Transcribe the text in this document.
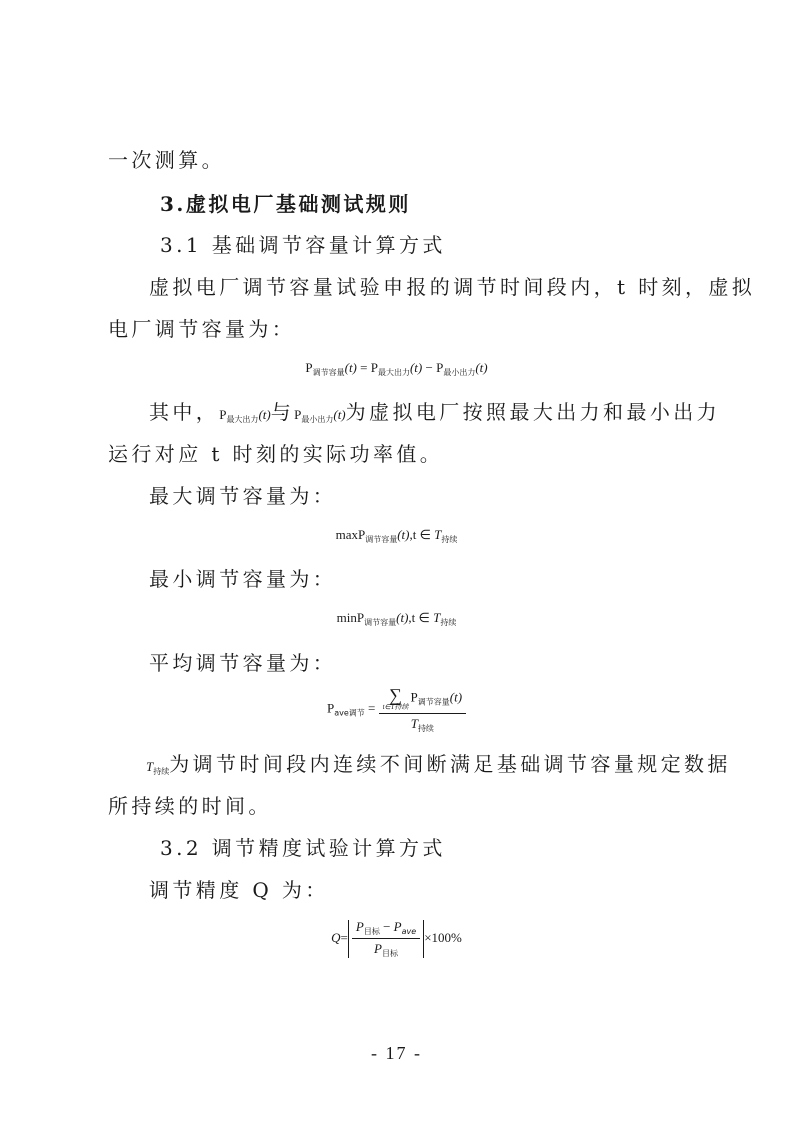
一次测算。
3.虚拟电厂基础测试规则
3.1 基础调节容量计算方式
虚拟电厂调节容量试验申报的调节时间段内，t 时刻，虚拟
电厂调节容量为：
$P_{调节容量}(t) = P_{最大出力}(t) - P_{最小出力}(t)$
其中，$P_{最大出力}(t)$与$P_{最小出力}(t)$为虚拟电厂按照最大出力和最小出力
运行对应 t 时刻的实际功率值。
最大调节容量为：
maxP$_{调节容量}$(t),t ∈ $T_{持续}$
最小调节容量为：
minP$_{调节容量}$(t),t ∈ $T_{持续}$
平均调节容量为：
$P_{ave调节}$ = ∑
t∈T持续
$P_{调节容量}(t)$
$T_{持续}$
$T_{持续}$为调节时间段内连续不间断满足基础调节容量规定数据
所持续的时间。
3.2 调节精度试验计算方式
调节精度 Q 为：
$Q= \frac{P_{目标} - P_{ave}}{P_{目标}} \times 100\%$
- 17 -
